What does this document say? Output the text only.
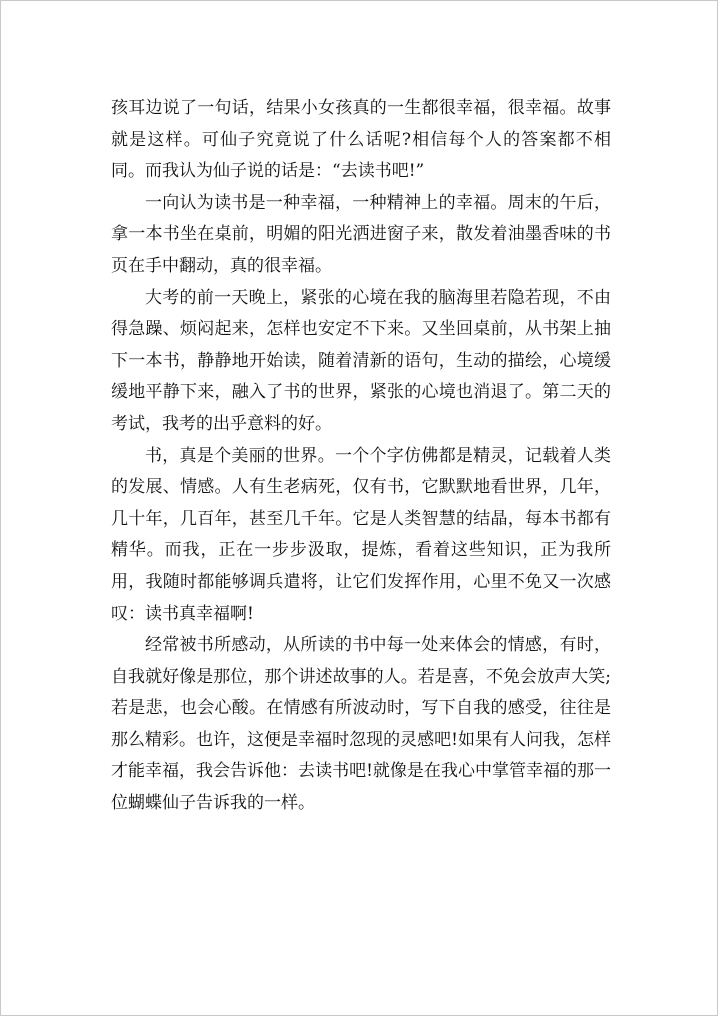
孩耳边说了一句话，结果小女孩真的一生都很幸福，很幸福。故事就是这样。可仙子究竟说了什么话呢?相信每个人的答案都不相同。而我认为仙子说的话是：“去读书吧!”

一向认为读书是一种幸福，一种精神上的幸福。周末的午后，拿一本书坐在桌前，明媚的阳光洒进窗子来，散发着油墨香味的书页在手中翻动，真的很幸福。

大考的前一天晚上，紧张的心境在我的脑海里若隐若现，不由得急躁、烦闷起来，怎样也安定不下来。又坐回桌前，从书架上抽下一本书，静静地开始读，随着清新的语句，生动的描绘，心境缓缓地平静下来，融入了书的世界，紧张的心境也消退了。第二天的考试，我考的出乎意料的好。

书，真是个美丽的世界。一个个字仿佛都是精灵，记载着人类的发展、情感。人有生老病死，仅有书，它默默地看世界，几年，几十年，几百年，甚至几千年。它是人类智慧的结晶，每本书都有精华。而我，正在一步步汲取，提炼，看着这些知识，正为我所用，我随时都能够调兵遣将，让它们发挥作用，心里不免又一次感叹：读书真幸福啊!

经常被书所感动，从所读的书中每一处来体会的情感，有时，自我就好像是那位，那个讲述故事的人。若是喜，不免会放声大笑;若是悲，也会心酸。在情感有所波动时，写下自我的感受，往往是那么精彩。也许，这便是幸福时忽现的灵感吧!如果有人问我，怎样才能幸福，我会告诉他：去读书吧!就像是在我心中掌管幸福的那一位蝴蝶仙子告诉我的一样。
